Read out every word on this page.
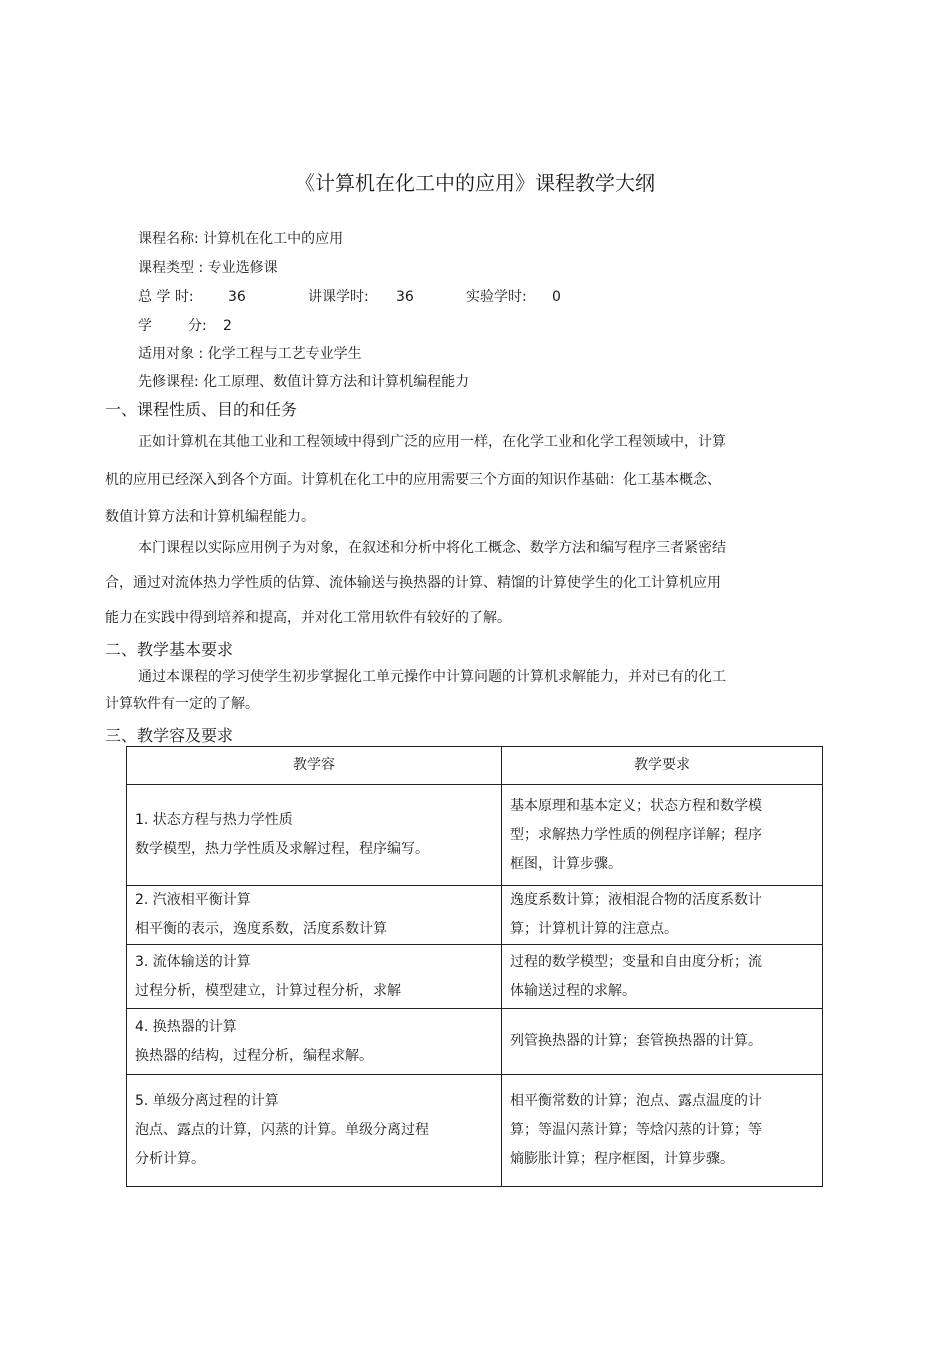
《计算机在化工中的应用》课程教学大纲
课程名称: 计算机在化工中的应用
课程类型 : 专业选修课
总 学 时: 36	讲课学时: 36	实验学时: 0
学	分: 2
适用对象 : 化学工程与工艺专业学生
先修课程: 化工原理、数值计算方法和计算机编程能力
一、课程性质、目的和任务
正如计算机在其他工业和工程领域中得到广泛的应用一样，在化学工业和化学工程领域中，计算
机的应用已经深入到各个方面。计算机在化工中的应用需要三个方面的知识作基础：化工基本概念、
数值计算方法和计算机编程能力。
本门课程以实际应用例子为对象，在叙述和分析中将化工概念、数学方法和编写程序三者紧密结
合，通过对流体热力学性质的估算、流体输送与换热器的计算、精馏的计算使学生的化工计算机应用
能力在实践中得到培养和提高，并对化工常用软件有较好的了解。
二、教学基本要求
通过本课程的学习使学生初步掌握化工单元操作中计算问题的计算机求解能力，并对已有的化工
计算软件有一定的了解。
三、教学容及要求
教学容	教学要求

1. 状态方程与热力学性质
数学模型，热力学性质及求解过程，程序编写。	基本原理和基本定义；状态方程和数学模
型；求解热力学性质的例程序详解；程序
框图，计算步骤。

2. 汽液相平衡计算
相平衡的表示，逸度系数，活度系数计算	逸度系数计算；液相混合物的活度系数计
算；计算机计算的注意点。

3. 流体输送的计算
过程分析，模型建立，计算过程分析，求解	过程的数学模型；变量和自由度分析；流
体输送过程的求解。

4. 换热器的计算
换热器的结构，过程分析，编程求解。	列管换热器的计算；套管换热器的计算。

5. 单级分离过程的计算
泡点、露点的计算，闪蒸的计算。单级分离过程
分析计算。	相平衡常数的计算；泡点、露点温度的计
算；等温闪蒸计算；等焓闪蒸的计算；等
熵膨胀计算；程序框图，计算步骤。
